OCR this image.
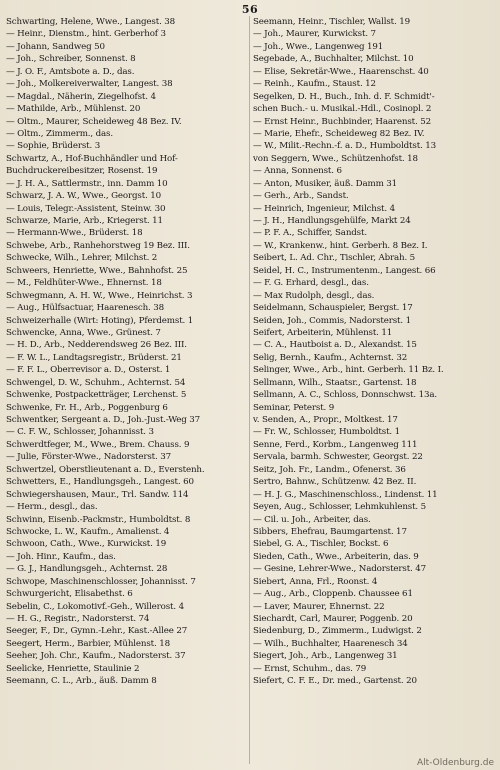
56
Schwarting, Helene, Wwe., Langest. 38
— Heinr., Dienstm., hint. Gerberhof 3
— Johann, Sandweg 50
— Joh., Schreiber, Sonnenst. 8
— J. O. F., Amtsbote a. D., das.
— Joh., Molkereiverwalter, Langest. 38
— Magdal., Näherin, Ziegelhofst. 4
— Mathilde, Arb., Mühlenst. 20
— Oltm., Maurer, Scheideweg 48 Bez. IV.
— Oltm., Zimmerm., das.
— Sophie, Brüderst. 3
Schwartz, A., Hof-Buchhändler und Hof-
Buchdruckereibesitzer, Rosenst. 19
— J. H. A., Sattlermstr., inn. Damm 10
Schwarz, J. A. W., Wwe., Georgst. 10
— Louis, Telegr.-Assistent, Steinw. 30
Schwarze, Marie, Arb., Kriegerst. 11
— Hermann-Wwe., Brüderst. 18
Schwebe, Arb., Ranhehorstweg 19 Bez. III.
Schwecke, Wilh., Lehrer, Milchst. 2
Schweers, Henriette, Wwe., Bahnhofst. 25
— M., Feldhüter-Wwe., Ehnernst. 18
Schwegmann, A. H. W., Wwe., Heinrichst. 3
— Aug., Hülfsactuar, Haarenesch. 38
Schweizerhalle (Wirt: Hoting), Pferdemst. 1
Schwencke, Anna, Wwe., Grünest. 7
— H. D., Arb., Nedderendsweg 26 Bez. III.
— F. W. L., Landtagsregistr., Brüderst. 21
— F. F. L., Oberrevisor a. D., Osterst. 1
Schwengel, D. W., Schuhm., Achternst. 54
Schwenke, Postpacketträger, Lerchenst. 5
Schwenke, Fr. H., Arb., Poggenburg 6
Schwentker, Sergeant a. D., Joh.-Just.-Weg 37
— C. F. W., Schlosser, Johannisst. 3
Schwerdtfeger, M., Wwe., Brem. Chauss. 9
— Julie, Förster-Wwe., Nadorsterst. 37
Schwertzel, Oberstlieutenant a. D., Everstenh.
Schwetters, E., Handlungsgeh., Langest. 60
Schwiegershausen, Maur., Trl. Sandw. 114
— Herm., desgl., das.
Schwinn, Eisenb.-Packmstr., Humboldtst. 8
Schwocke, L. W., Kaufm., Amalienst. 4
Schwoon, Cath., Wwe., Kurwickst. 19
— Joh. Hinr., Kaufm., das.
— G. J., Handlungsgeh., Achternst. 28
Schwope, Maschinenschlosser, Johannisst. 7
Schwurgericht, Elisabethst. 6
Sebelin, C., Lokomotivf.-Geh., Willerost. 4
— H. G., Registr., Nadorsterst. 74
Seeger, F., Dr., Gymn.-Lehr., Kast.-Allee 27
Seegert, Herm., Barbier, Mühlenst. 18
Seeher, Joh. Chr., Kaufm., Nadorsterst. 37
Seelicke, Henriette, Staulinie 2
Seemann, C. L., Arb., äuß. Damm 8
Seemann, Heinr., Tischler, Wallst. 19
— Joh., Maurer, Kurwickst. 7
— Joh., Wwe., Langenweg 191
Segebade, A., Buchhalter, Milchst. 10
— Elise, Sekretär-Wwe., Haarenschst. 40
— Reinh., Kaufm., Staust. 12
Segelken, D. H., Buch., Inh. d. F. Schmidt'-
schen Buch.- u. Musikal.-Hdl., Cosinopl. 2
— Ernst Heinr., Buchbinder, Haarenst. 52
— Marie, Ehefr., Scheideweg 82 Bez. IV.
— W., Milit.-Rechn.-f. a. D., Humboldtst. 13
von Seggern, Wwe., Schützenhofst. 18
— Anna, Sonnenst. 6
— Anton, Musiker, äuß. Damm 31
— Gerh., Arb., Sandst.
— Heinrich, Ingenieur, Milchst. 4
— J. H., Handlungsgehülfe, Markt 24
— P. F. A., Schiffer, Sandst.
— W., Krankenw., hint. Gerberh. 8 Bez. I.
Seibert, L. Ad. Chr., Tischler, Abrah. 5
Seidel, H. C., Instrumentenm., Langest. 66
— F. G. Erhard, desgl., das.
— Max Rudolph, desgl., das.
Seidelmann, Schauspieler, Bergst. 17
Seiden, Joh., Commis, Nadorsterst. 1
Seifert, Arbeiterin, Mühlenst. 11
— C. A., Hautboist a. D., Alexandst. 15
Selig, Bernh., Kaufm., Achternst. 32
Selinger, Wwe., Arb., hint. Gerberh. 11 Bz. I.
Sellmann, Wilh., Staatsr., Gartenst. 18
Sellmann, A. C., Schloss, Donnschwst. 13a.
Seminar, Peterst. 9
v. Senden, A., Propr., Moltkest. 17
— Fr. W., Schlosser, Humboldtst. 1
Senne, Ferd., Korbm., Langenweg 111
Servala, barmh. Schwester, Georgst. 22
Seitz, Joh. Fr., Landm., Ofenerst. 36
Sertro, Bahnw., Schützenw. 42 Bez. II.
— H. J. G., Maschinenschloss., Lindenst. 11
Seyen, Aug., Schlosser, Lehmkuhlenst. 5
— Cil. u. Joh., Arbeiter, das.
Sibbers, Ehefrau, Baumgartenst. 17
Siebel, G. A., Tischler, Bockst. 6
Sieden, Cath., Wwe., Arbeiterin, das. 9
— Gesine, Lehrer-Wwe., Nadorsterst. 47
Siebert, Anna, Frl., Roonst. 4
— Aug., Arb., Cloppenb. Chaussee 61
— Laver, Maurer, Ehnernst. 22
Siechardt, Carl, Maurer, Poggenb. 20
Siedenburg, D., Zimmerm., Ludwigst. 2
— Wilh., Buchhalter, Haarenesch 34
Siegert, Joh., Arb., Langenweg 31
— Ernst, Schuhm., das. 79
Siefert, C. F. E., Dr. med., Gartenst. 20
Alt-Oldenburg.de
